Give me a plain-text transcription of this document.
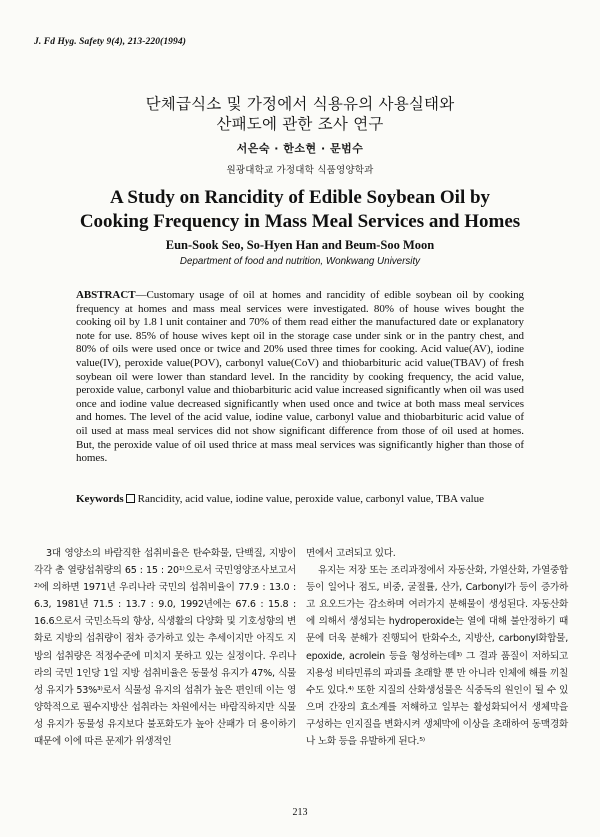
J. Fd Hyg. Safety 9(4), 213-220(1994)
단체급식소 및 가정에서 식용유의 사용실태와
산패도에 관한 조사 연구
서은숙 · 한소현 · 문범수
원광대학교 가정대학 식품영양학과
A Study on Rancidity of Edible Soybean Oil by
Cooking Frequency in Mass Meal Services and Homes
Eun-Sook Seo, So-Hyen Han and Beum-Soo Moon
Department of food and nutrition, Wonkwang University
ABSTRACT—Customary usage of oil at homes and rancidity of edible soybean oil by cooking frequency at homes and mass meal services were investigated. 80% of house wives bought the cooking oil by 1.8 l unit container and 70% of them read either the manufactured date or explanatory note for use. 85% of house wives kept oil in the storage case under sink or in the pantry chest, and 80% of oils were used once or twice and 20% used three times for cooking. Acid value(AV), iodine value(IV), peroxide value(POV), carbonyl value(CoV) and thiobarbituric acid value(TBAV) of fresh soybean oil were lower than standard level. In the rancidity by cooking frequency, the acid value, peroxide value, carbonyl value and thiobarbituric acid value increased significantly when oil was used once and iodine value decreased significantly when used once and twice at both mass meal services and homes. The level of the acid value, iodine value, carbonyl value and thiobarbituric acid value of oil used at mass meal services did not show significant difference from those of oil used at homes. But, the peroxide value of oil used thrice at mass meal services was significantly higher than those of homes.
Keywords Rancidity, acid value, iodine value, peroxide value, carbonyl value, TBA value

3대 영양소의 바람직한 섭취비율은 탄수화물, 단백질, 지방이 각각 총 열량섭취량의 65 : 15 : 20¹⁾으로서 국민영양조사보고서²⁾에 의하면 1971년 우리나라 국민의 섭취비율이 77.9 : 13.0 : 6.3, 1981년 71.5 : 13.7 : 9.0, 1992년에는 67.6 : 15.8 : 16.6으로서 국민소득의 향상, 식생활의 다양화 및 기호성향의 변화로 지방의 섭취량이 점차 증가하고 있는 추세이지만 아직도 지방의 섭취량은 적정수준에 미치지 못하고 있는 실정이다. 우리나라의 국민 1인당 1일 지방 섭취비율은 동물성 유지가 47%, 식물성 유지가 53%³⁾로서 식물성 유지의 섭취가 높은 편인데 이는 영양학적으로 필수지방산 섭취라는 차원에서는 바람직하지만 식물성 유지가 동물성 유지보다 불포화도가 높아 산패가 더 용이하기 때문에 이에 따른 문제가 위생적인

면에서 고려되고 있다.

유지는 저장 또는 조리과정에서 자동산화, 가열산화, 가열중합 등이 일어나 점도, 비중, 굴절률, 산가, Carbonyl가 등이 증가하고 요오드가는 감소하며 여러가지 분해물이 생성된다. 자동산화에 의해서 생성되는 hydroperoxide는 열에 대해 불안정하기 때문에 더욱 분해가 진행되어 탄화수소, 지방산, carbonyl화합물, epoxide, acrolein 등을 형성하는데³⁾ 그 결과 품질이 저하되고 지용성 비타민류의 파괴를 초래할 뿐 만 아니라 인체에 해를 끼칠 수도 있다.⁴⁾ 또한 지질의 산화생성물은 식중독의 원인이 될 수 있으며 간장의 효소계를 저해하고 일부는 활성화되어서 생체막을 구성하는 인지질을 변화시켜 생체막에 이상을 초래하여 동맥경화나 노화 등을 유발하게 된다.⁵⁾

213
